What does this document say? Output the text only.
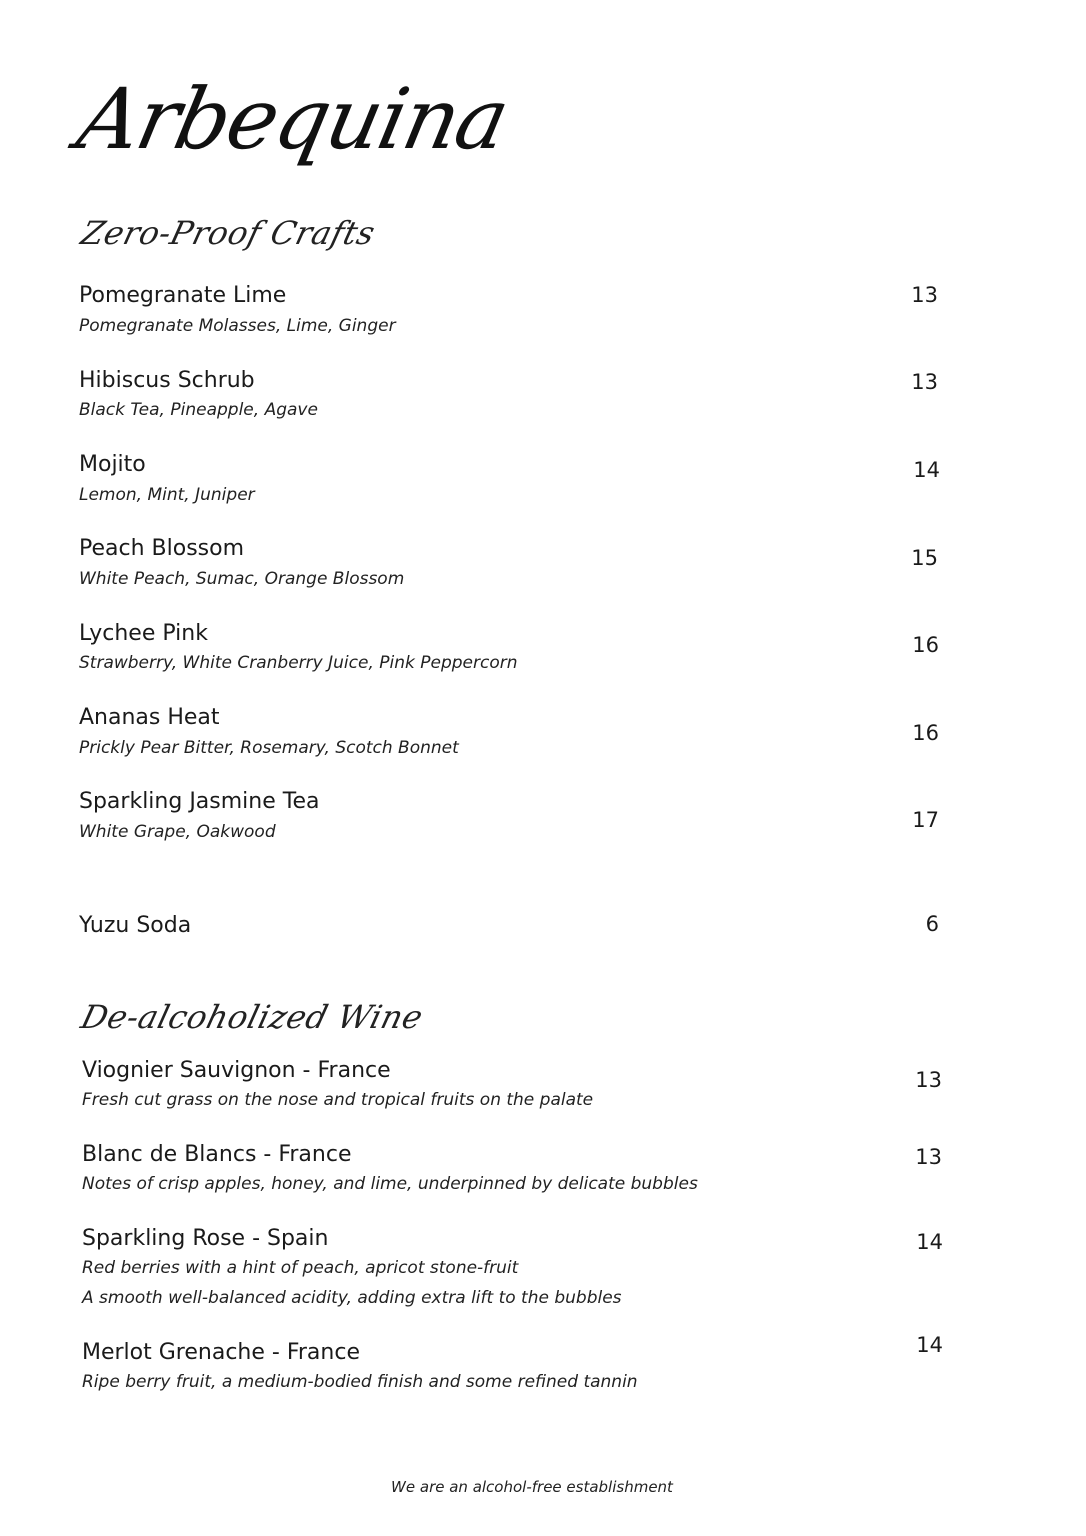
Arbequina
Zero-Proof Crafts
Pomegranate Lime
Pomegranate Molasses, Lime, Ginger
13
Hibiscus Schrub
Black Tea, Pineapple, Agave
13
Mojito
Lemon, Mint, Juniper
14
Peach Blossom
White Peach, Sumac, Orange Blossom
15
Lychee Pink
Strawberry, White Cranberry Juice, Pink Peppercorn
16
Ananas Heat
Prickly Pear Bitter, Rosemary, Scotch Bonnet
16
Sparkling Jasmine Tea
White Grape, Oakwood	17
Yuzu Soda	6
De-alcoholized Wine
Viognier Sauvignon - France
Fresh cut grass on the nose and tropical fruits on the palate
13
Blanc de Blancs - France
Notes of crisp apples, honey, and lime, underpinned by delicate bubbles
13
Sparkling Rose - Spain
Red berries with a hint of peach, apricot stone-fruit
A smooth well-balanced acidity, adding extra lift to the bubbles
14
Merlot Grenache - France
Ripe berry fruit, a medium-bodied finish and some refined tannin
14
We are an alcohol-free establishment
